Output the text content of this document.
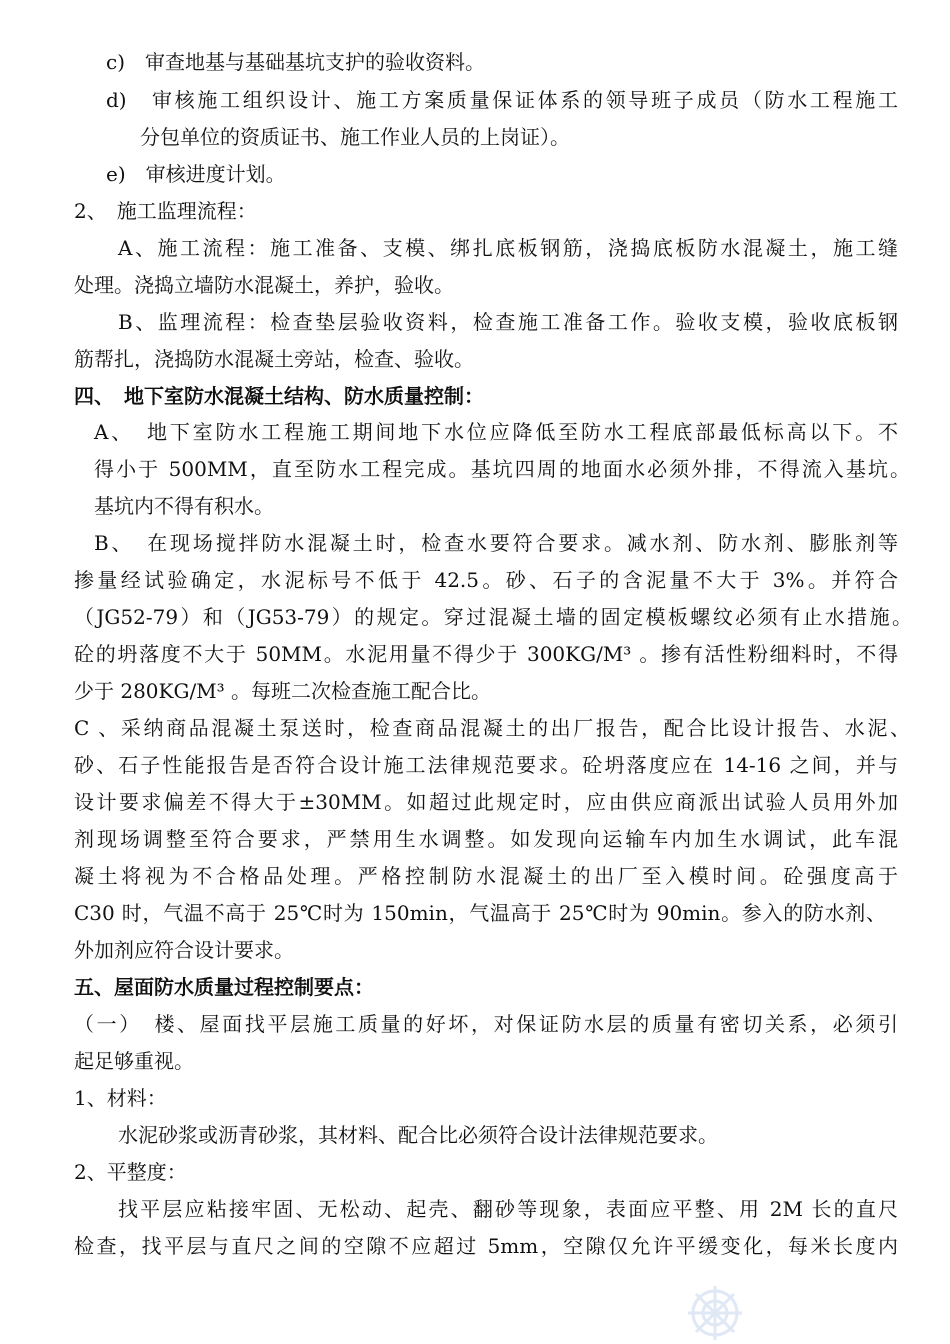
c)　审查地基与基础基坑支护的验收资料。
d)　审核施工组织设计、施工方案质量保证体系的领导班子成员（防水工程施工
分包单位的资质证书、施工作业人员的上岗证）。
e)　审核进度计划。
2、　施工监理流程：
A、施工流程：施工准备、支模、绑扎底板钢筋，浇捣底板防水混凝土，施工缝
处理。浇捣立墙防水混凝土，养护，验收。
B、监理流程：检查垫层验收资料，检查施工准备工作。验收支模，验收底板钢
筋帮扎，浇捣防水混凝土旁站，检查、验收。
四、　地下室防水混凝土结构、防水质量控制：
A、　地下室防水工程施工期间地下水位应降低至防水工程底部最低标高以下。不
得小于 500MM，直至防水工程完成。基坑四周的地面水必须外排，不得流入基坑。
基坑内不得有积水。
B、　在现场搅拌防水混凝土时，检查水要符合要求。减水剂、防水剂、膨胀剂等
掺量经试验确定，水泥标号不低于 42.5。砂、石子的含泥量不大于 3%。并符合
（JG52-79）和（JG53-79）的规定。穿过混凝土墙的固定模板螺纹必须有止水措施。
砼的坍落度不大于 50MM。水泥用量不得少于 300KG/M³ 。掺有活性粉细料时，不得
少于 280KG/M³ 。每班二次检查施工配合比。
C 、采纳商品混凝土泵送时，检查商品混凝土的出厂报告，配合比设计报告、水泥、
砂、石子性能报告是否符合设计施工法律规范要求。砼坍落度应在 14-16 之间，并与
设计要求偏差不得大于±30MM。如超过此规定时，应由供应商派出试验人员用外加
剂现场调整至符合要求，严禁用生水调整。如发现向运输车内加生水调试，此车混
凝土将视为不合格品处理。严格控制防水混凝土的出厂至入模时间。砼强度高于
C30 时，气温不高于 25℃时为 150min，气温高于 25℃时为 90min。参入的防水剂、
外加剂应符合设计要求。
五、屋面防水质量过程控制要点：
（一）　楼、屋面找平层施工质量的好坏，对保证防水层的质量有密切关系，必须引
起足够重视。
1、材料：
水泥砂浆或沥青砂浆，其材料、配合比必须符合设计法律规范要求。
2、平整度：
找平层应粘接牢固、无松动、起壳、翻砂等现象，表面应平整、用 2M 长的直尺
检查，找平层与直尺之间的空隙不应超过 5mm，空隙仅允许平缓变化，每米长度内
